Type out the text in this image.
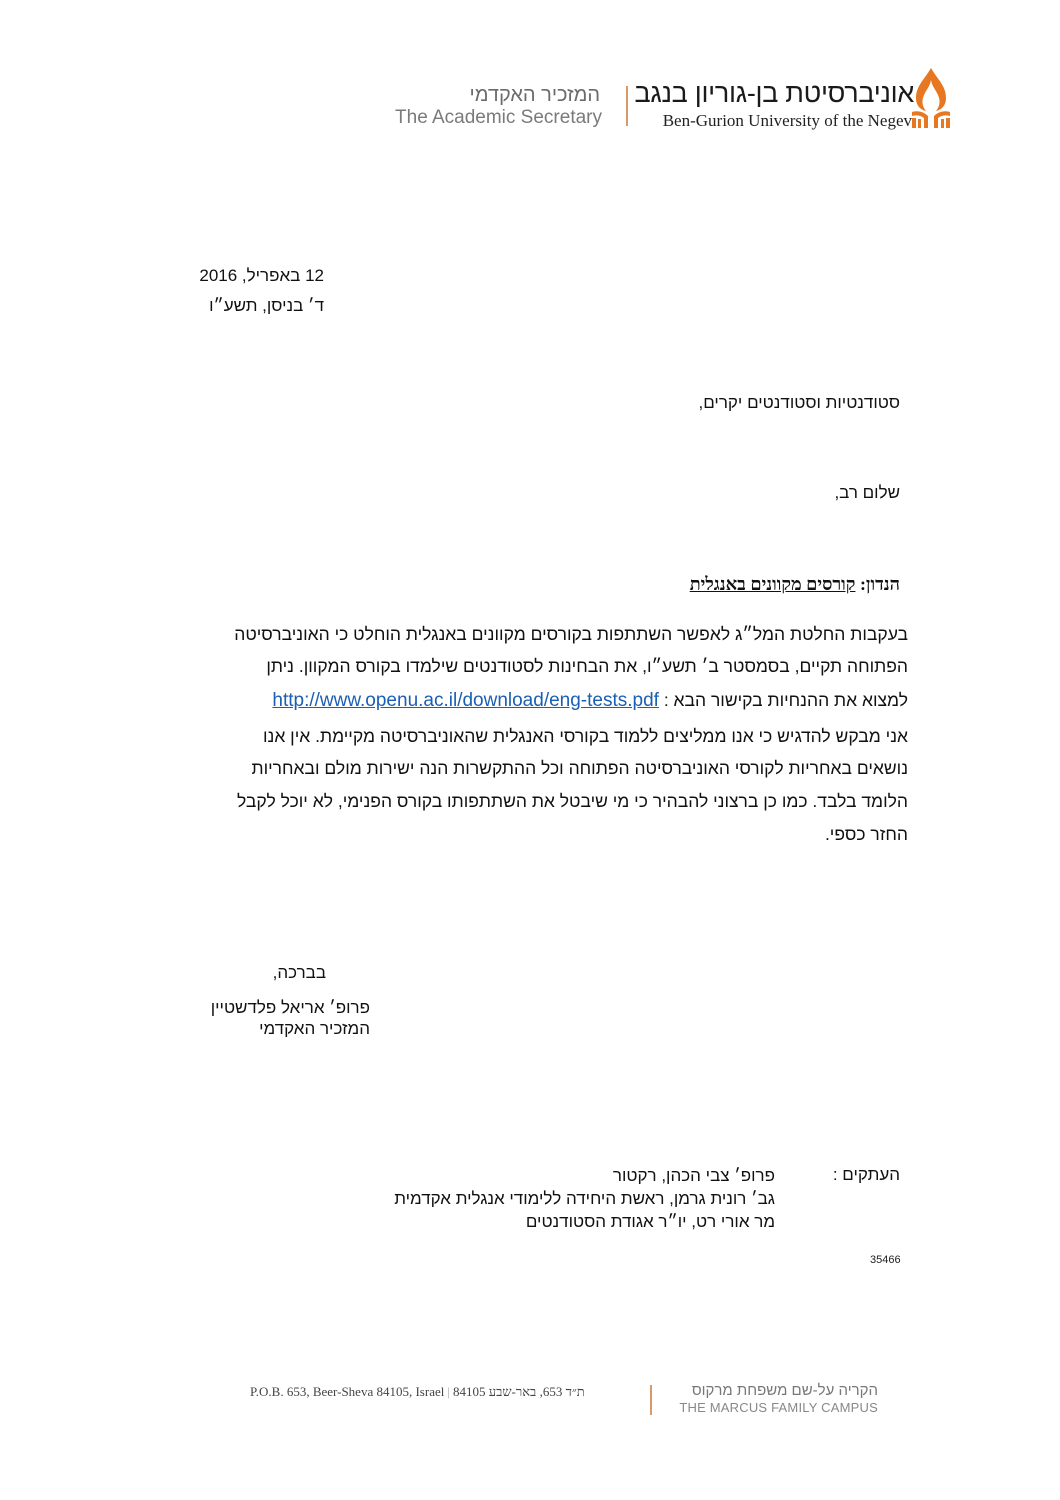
אוניברסיטת בן-גוריון בנגב
Ben-Gurion University of the Negev
המזכיר האקדמי
The Academic Secretary
12 באפריל, 2016
ד׳ בניסן, תשע״ו
סטודנטיות וסטודנטים יקרים,
שלום רב,
הנדון: קורסים מקוונים באנגלית
בעקבות החלטת המל״ג לאפשר השתתפות בקורסים מקוונים באנגלית הוחלט כי האוניברסיטה
הפתוחה תקיים, בסמסטר ב׳ תשע״ו, את הבחינות לסטודנטים שילמדו בקורס המקוון. ניתן
למצוא את ההנחיות בקישור הבא : http://www.openu.ac.il/download/eng-tests.pdf
אני מבקש להדגיש כי אנו ממליצים ללמוד בקורסי האנגלית שהאוניברסיטה מקיימת. אין אנו
נושאים באחריות לקורסי האוניברסיטה הפתוחה וכל ההתקשרות הנה ישירות מולם ובאחריות
הלומד בלבד. כמו כן ברצוני להבהיר כי מי שיבטל את השתתפותו בקורס הפנימי, לא יוכל לקבל
החזר כספי.
בברכה,
פרופ׳ אריאל פלדשטיין
המזכיר האקדמי
העתקים :
פרופ׳ צבי הכהן, רקטור
גב׳ רונית גרמן, ראשת היחידה ללימודי אנגלית אקדמית
מר אורי רט, יו״ר אגודת הסטודנטים
35466
P.O.B. 653, Beer-Sheva 84105, Israel | ת״ד 653, באר-שבע 84105	הקריה על-שם משפחת מרקוס
THE MARCUS FAMILY CAMPUS
